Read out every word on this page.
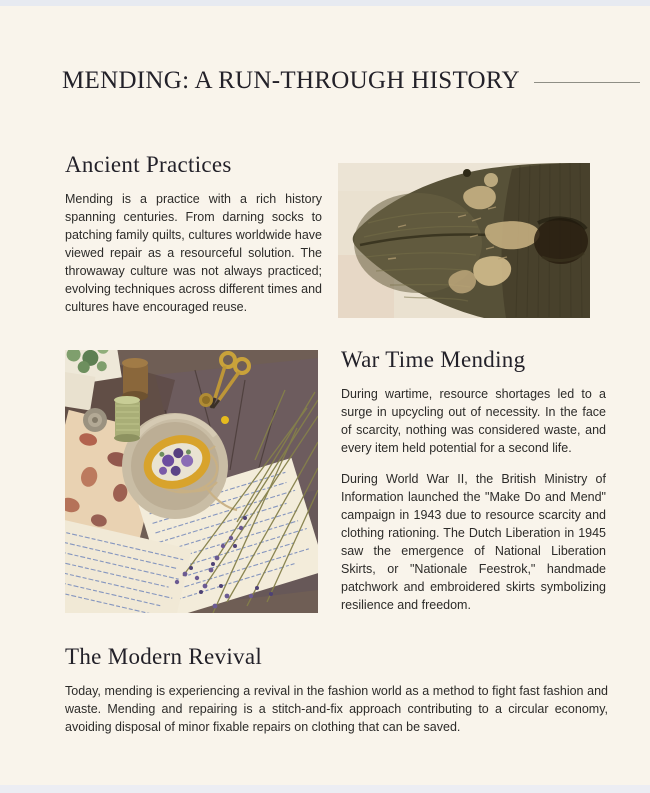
MENDING: A RUN-THROUGH HISTORY
Ancient Practices

Mending is a practice with a rich history spanning centuries. From darning socks to patching family quilts, cultures worldwide have viewed repair as a resourceful solution. The throwaway culture was not always practiced; evolving techniques across different times and cultures have encouraged reuse.

War Time Mending

During wartime, resource shortages led to a surge in upcycling out of necessity. In the face of scarcity, nothing was considered waste, and every item held potential for a second life.

During World War II, the British Ministry of Information launched the "Make Do and Mend" campaign in 1943 due to resource scarcity and clothing rationing. The Dutch Liberation in 1945 saw the emergence of National Liberation Skirts, or "Nationale Feestrok," handmade patchwork and embroidered skirts symbolizing resilience and freedom.

The Modern Revival

Today, mending is experiencing a revival in the fashion world as a method to fight fast fashion and waste. Mending and repairing is a stitch-and-fix approach contributing to a circular economy, avoiding disposal of minor fixable repairs on clothing that can be saved.
